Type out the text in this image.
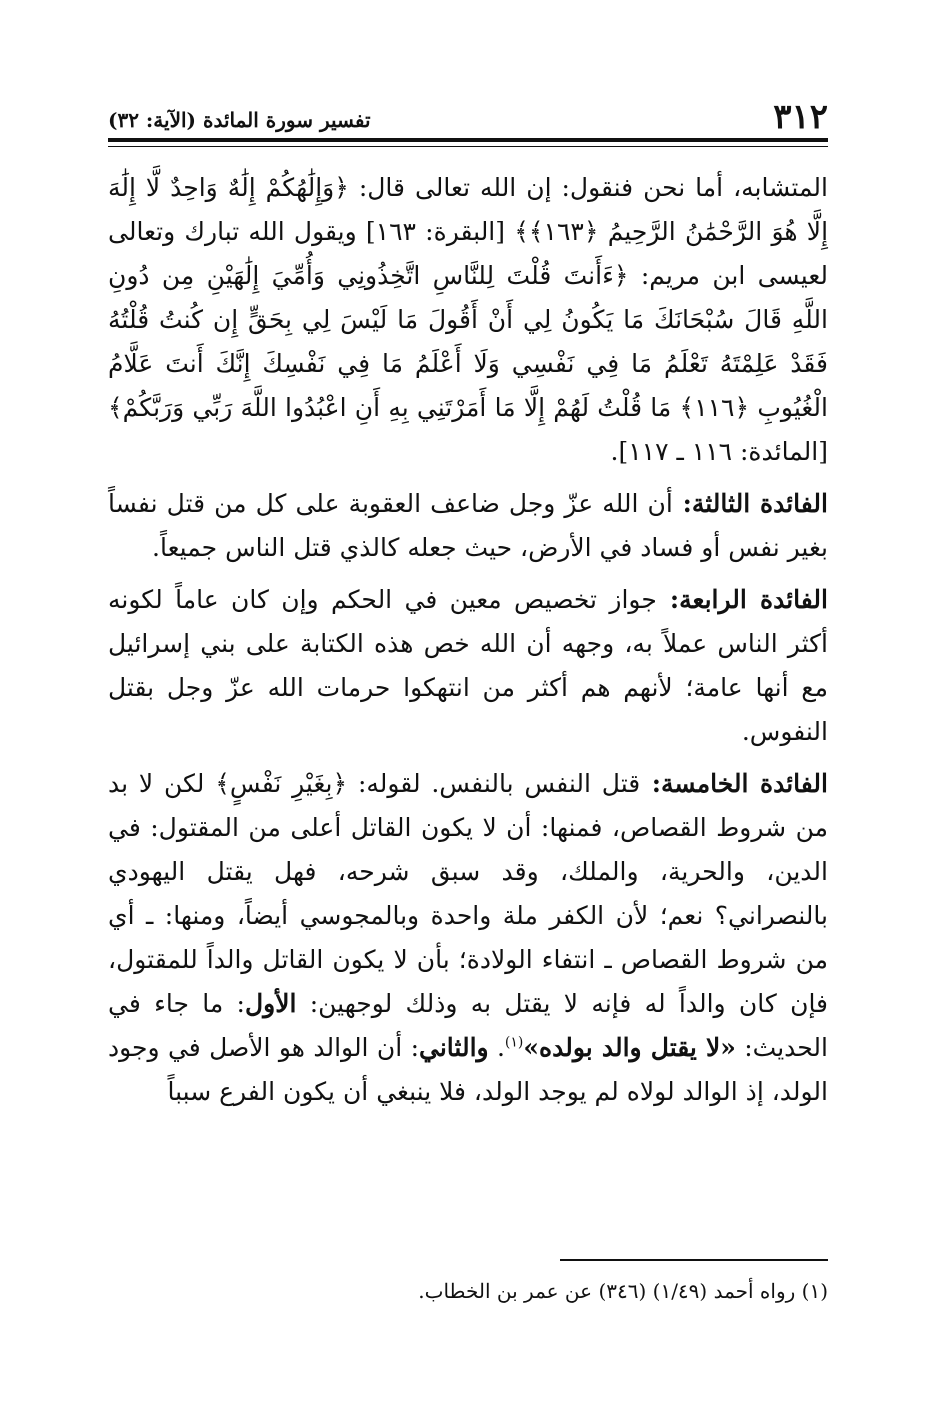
٣١٢
تفسير سورة المائدة (الآية: ٣٢)

المتشابه، أما نحن فنقول: إن الله تعالى قال: ﴿وَإِلَٰهُكُمْ إِلَٰهٌ وَاحِدٌ لَّا إِلَٰهَ إِلَّا هُوَ الرَّحْمَٰنُ الرَّحِيمُ ﴿١٦٣﴾﴾ [البقرة: ١٦٣] ويقول الله تبارك وتعالى لعيسى ابن مريم: ﴿ءَأَنتَ قُلْتَ لِلنَّاسِ اتَّخِذُونِي وَأُمِّيَ إِلَٰهَيْنِ مِن دُونِ اللَّهِ قَالَ سُبْحَانَكَ مَا يَكُونُ لِي أَنْ أَقُولَ مَا لَيْسَ لِي بِحَقٍّ إِن كُنتُ قُلْتُهُ فَقَدْ عَلِمْتَهُ تَعْلَمُ مَا فِي نَفْسِي وَلَا أَعْلَمُ مَا فِي نَفْسِكَ إِنَّكَ أَنتَ عَلَّامُ الْغُيُوبِ ﴿١١٦﴾ مَا قُلْتُ لَهُمْ إِلَّا مَا أَمَرْتَنِي بِهِ أَنِ اعْبُدُوا اللَّهَ رَبِّي وَرَبَّكُمْ﴾ [المائدة: ١١٦ ـ ١١٧].

الفائدة الثالثة: أن الله عزّ وجل ضاعف العقوبة على كل من قتل نفساً بغير نفس أو فساد في الأرض، حيث جعله كالذي قتل الناس جميعاً.

الفائدة الرابعة: جواز تخصيص معين في الحكم وإن كان عاماً لكونه أكثر الناس عملاً به، وجهه أن الله خص هذه الكتابة على بني إسرائيل مع أنها عامة؛ لأنهم هم أكثر من انتهكوا حرمات الله عزّ وجل بقتل النفوس.

الفائدة الخامسة: قتل النفس بالنفس. لقوله: ﴿بِغَيْرِ نَفْسٍ﴾ لكن لا بد من شروط القصاص، فمنها: أن لا يكون القاتل أعلى من المقتول: في الدين، والحرية، والملك، وقد سبق شرحه، فهل يقتل اليهودي بالنصراني؟ نعم؛ لأن الكفر ملة واحدة وبالمجوسي أيضاً، ومنها: ـ أي من شروط القصاص ـ انتفاء الولادة؛ بأن لا يكون القاتل والداً للمقتول، فإن كان والداً له فإنه لا يقتل به وذلك لوجهين: الأول: ما جاء في الحديث: «لا يقتل والد بولده»$^{(١)}$. والثاني: أن الوالد هو الأصل في وجود الولد، إذ الوالد لولاه لم يوجد الولد، فلا ينبغي أن يكون الفرع سبباً

(١) رواه أحمد (١/٤٩) (٣٤٦) عن عمر بن الخطاب.
